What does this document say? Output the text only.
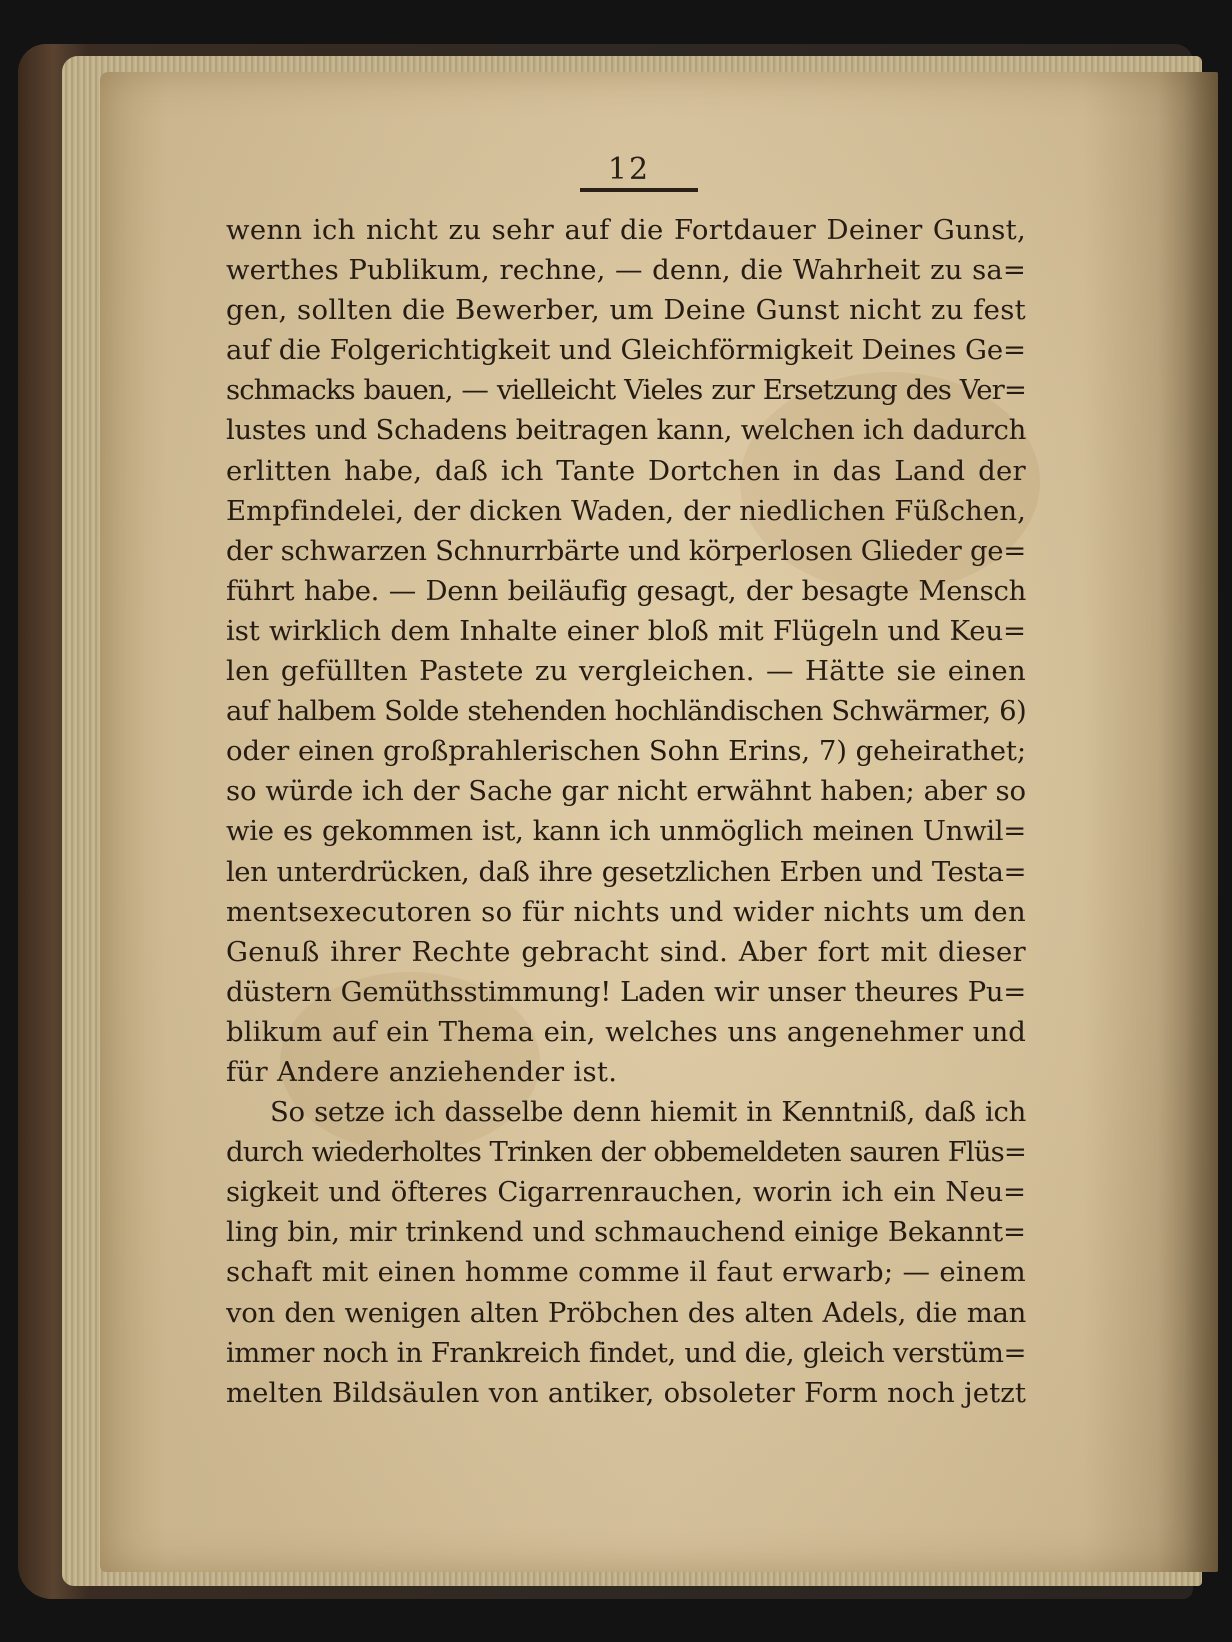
12
wenn ich nicht zu sehr auf die Fortdauer Deiner Gunst,
werthes Publikum, rechne, — denn, die Wahrheit zu sa=
gen, sollten die Bewerber, um Deine Gunst nicht zu fest
auf die Folgerichtigkeit und Gleichförmigkeit Deines Ge=
schmacks bauen, — vielleicht Vieles zur Ersetzung des Ver=
lustes und Schadens beitragen kann, welchen ich dadurch
erlitten habe, daß ich Tante Dortchen in das Land der
Empfindelei, der dicken Waden, der niedlichen Füßchen,
der schwarzen Schnurrbärte und körperlosen Glieder ge=
führt habe. — Denn beiläufig gesagt, der besagte Mensch
ist wirklich dem Inhalte einer bloß mit Flügeln und Keu=
len gefüllten Pastete zu vergleichen. — Hätte sie einen
auf halbem Solde stehenden hochländischen Schwärmer, 6)
oder einen großprahlerischen Sohn Erins, 7) geheirathet;
so würde ich der Sache gar nicht erwähnt haben; aber so
wie es gekommen ist, kann ich unmöglich meinen Unwil=
len unterdrücken, daß ihre gesetzlichen Erben und Testa=
mentsexecutoren so für nichts und wider nichts um den
Genuß ihrer Rechte gebracht sind. Aber fort mit dieser
düstern Gemüthsstimmung! Laden wir unser theures Pu=
blikum auf ein Thema ein, welches uns angenehmer und
für Andere anziehender ist.
So setze ich dasselbe denn hiemit in Kenntniß, daß ich
durch wiederholtes Trinken der obbemeldeten sauren Flüs=
sigkeit und öfteres Cigarrenrauchen, worin ich ein Neu=
ling bin, mir trinkend und schmauchend einige Bekannt=
schaft mit einen homme comme il faut erwarb; — einem
von den wenigen alten Pröbchen des alten Adels, die man
immer noch in Frankreich findet, und die, gleich verstüm=
melten Bildsäulen von antiker, obsoleter Form noch jetzt
